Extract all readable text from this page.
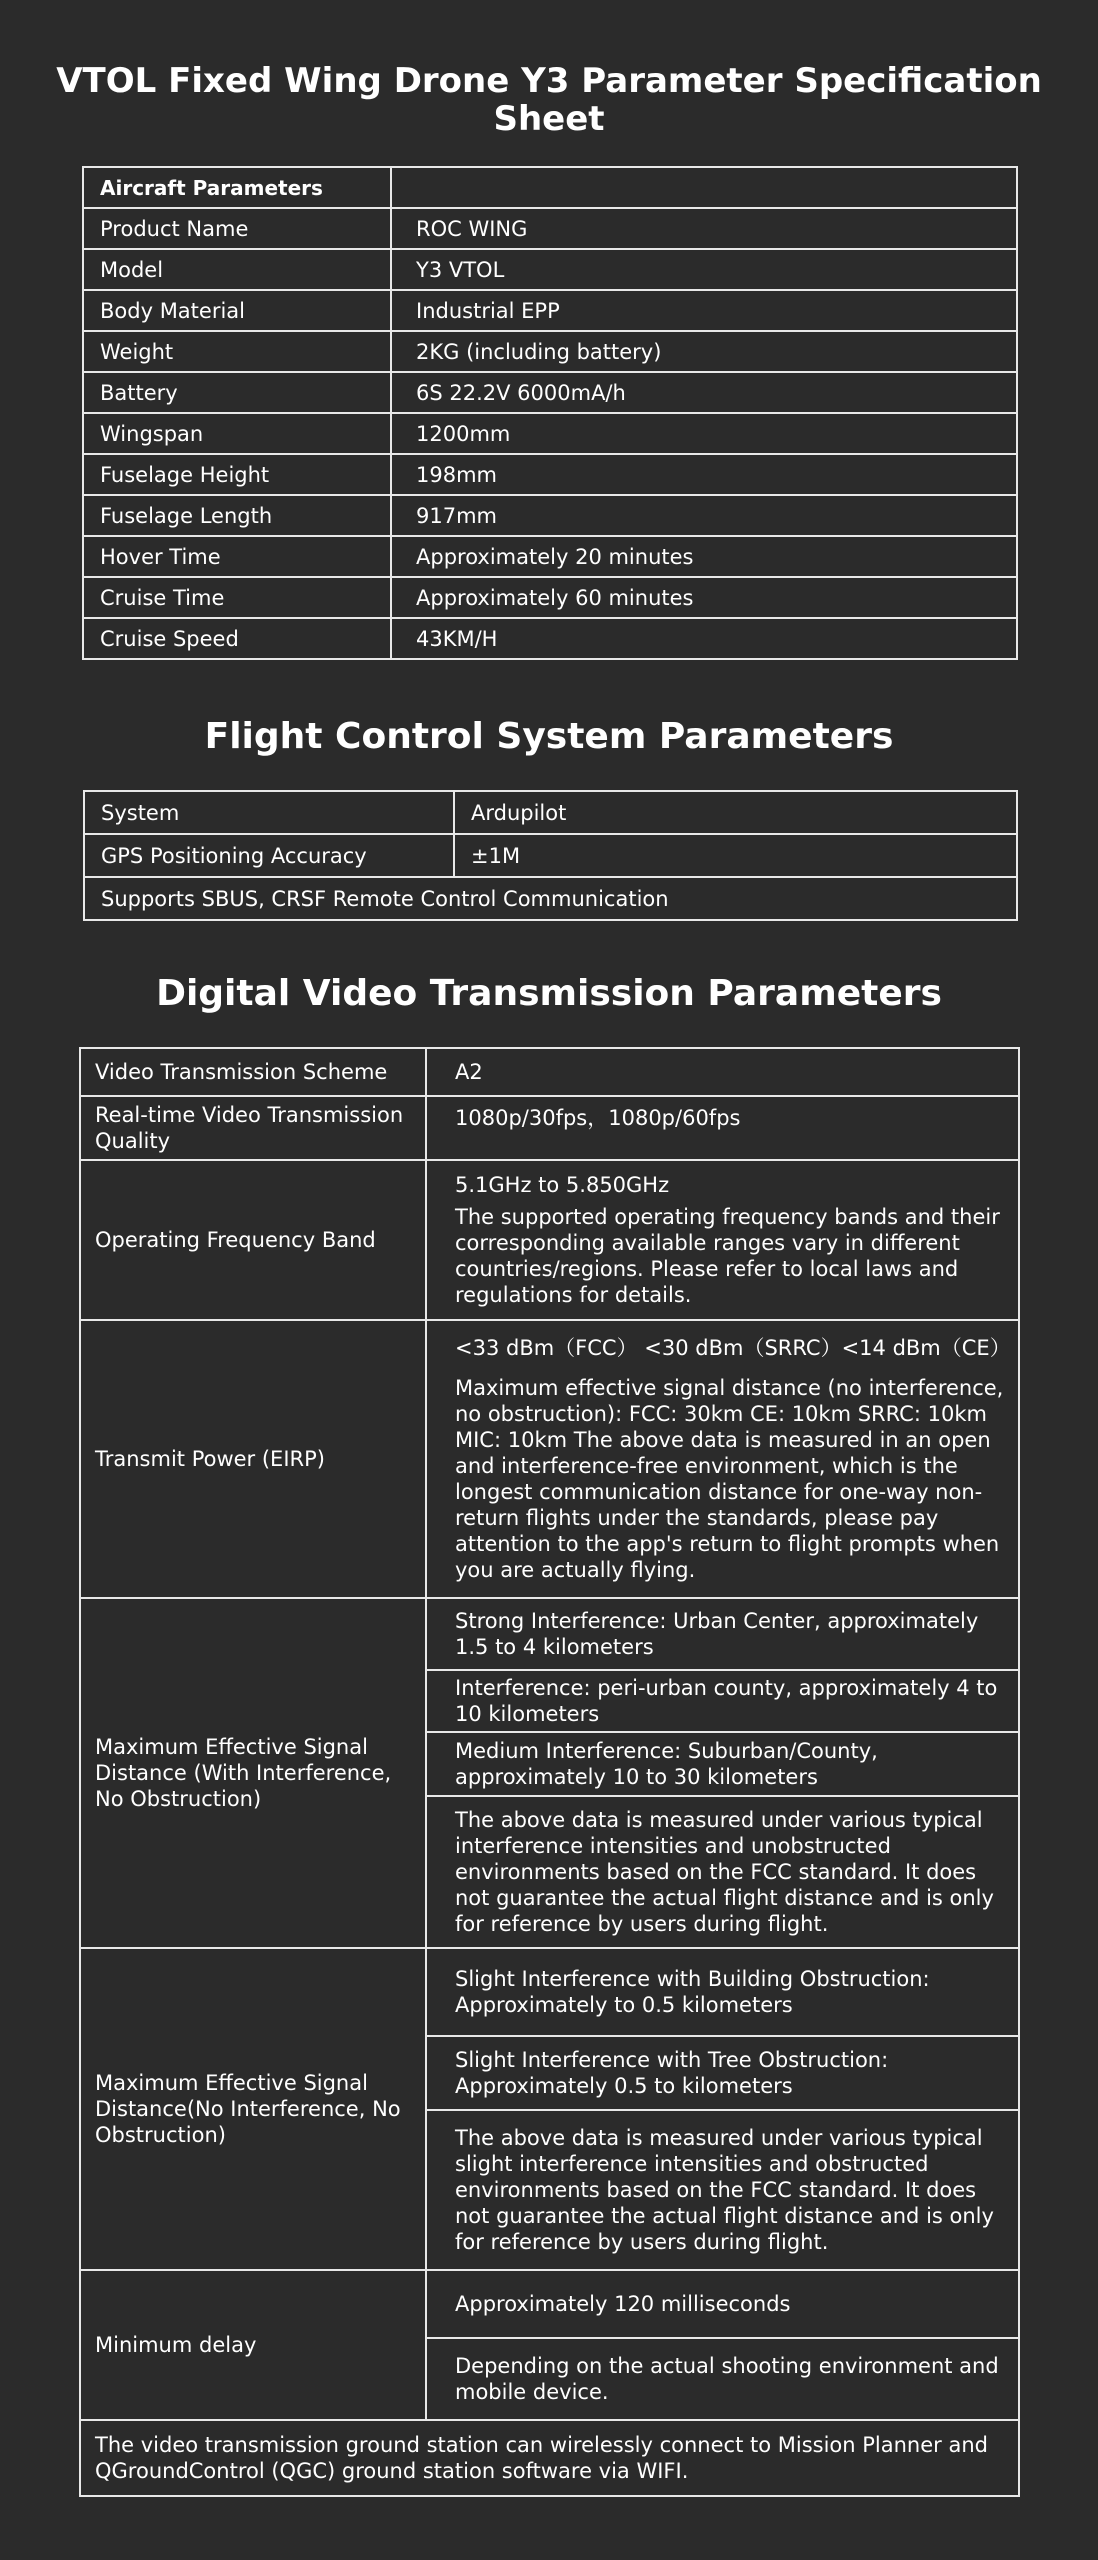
VTOL Fixed Wing Drone Y3 Parameter Specification Sheet
Aircraft Parameters	
Product Name	ROC WING
Model	Y3 VTOL
Body Material	Industrial EPP
Weight	2KG (including battery)
Battery	6S 22.2V 6000mA/h
Wingspan	1200mm
Fuselage Height	198mm
Fuselage Length	917mm
Hover Time	Approximately 20 minutes
Cruise Time	Approximately 60 minutes
Cruise Speed	43KM/H
Flight Control System Parameters
System	Ardupilot
GPS Positioning Accuracy	±1M
Supports SBUS, CRSF Remote Control Communication	
Digital Video Transmission Parameters
Video Transmission Scheme	A2
Real-time Video Transmission Quality	1080p/30fps，1080p/60fps
Operating Frequency Band	5.1GHz to 5.850GHz

The supported operating frequency bands and their corresponding available ranges vary in different countries/regions. Please refer to local laws and regulations for details.

Transmit Power (EIRP)	<33 dBm（FCC） <30 dBm（SRRC）<14 dBm（CE）

Maximum effective signal distance (no interference, no obstruction): FCC: 30km CE: 10km SRRC: 10km MIC: 10km The above data is measured in an open and interference-free environment, which is the longest communication distance for one-way non-return flights under the standards, please pay attention to the app's return to flight prompts when you are actually flying.

Maximum Effective Signal Distance (With Interference, No Obstruction)	Strong Interference: Urban Center, approximately 1.5 to 4 kilometers
	Interference: peri-urban county, approximately 4 to 10 kilometers
	Medium Interference: Suburban/County, approximately 10 to 30 kilometers
	The above data is measured under various typical interference intensities and unobstructed environments based on the FCC standard. It does not guarantee the actual flight distance and is only for reference by users during flight.
Maximum Effective Signal Distance(No Interference, No Obstruction)	Slight Interference with Building Obstruction: Approximately to 0.5 kilometers
	Slight Interference with Tree Obstruction: Approximately 0.5 to kilometers
	The above data is measured under various typical slight interference intensities and obstructed environments based on the FCC standard. It does not guarantee the actual flight distance and is only for reference by users during flight.
Minimum delay	Approximately 120 milliseconds
	Depending on the actual shooting environment and mobile device.
The video transmission ground station can wirelessly connect to Mission Planner and QGroundControl (QGC) ground station software via WIFI.	
